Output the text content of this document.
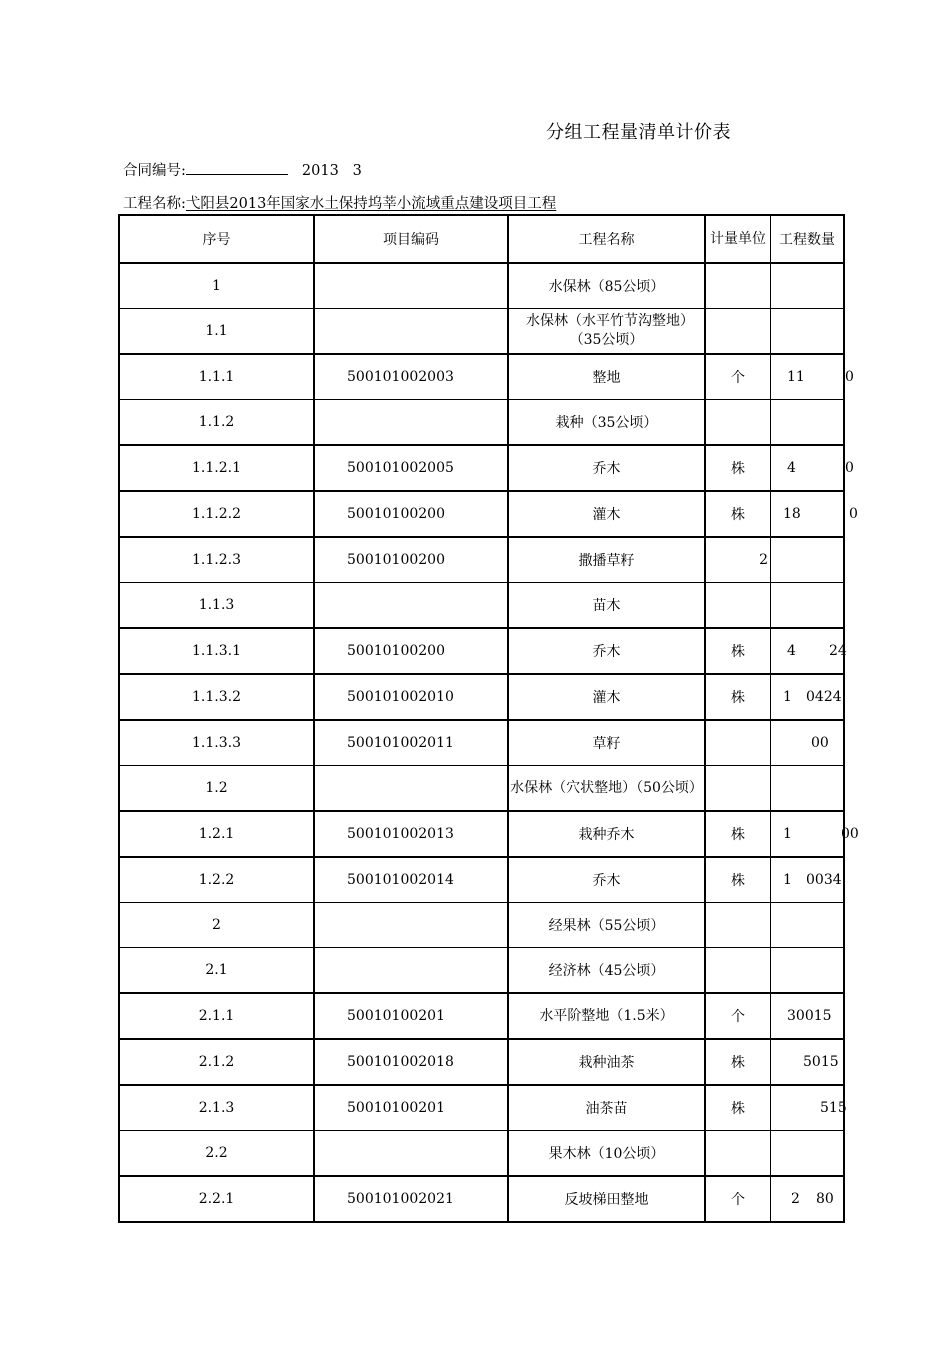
分组工程量清单计价表
合同编号:	2013 3
工程名称:弋阳县2013年国家水土保持坞莘小流域重点建设项目工程
序号	项目编码	工程名称	计量单位	工程数量
1		水保林（85公顷）		
1.1		水保林（水平竹节沟整地）　（35公顷）		
1.1.1	500101002003	整地	个	11 0

1.1.2		栽种（35公顷）		
1.1.2.1	500101002005	乔木	株	4 0

1.1.2.2	50010100200	灌木	株	18 0

1.1.2.3	50010100200	撒播草籽	2	
1.1.3		苗木		
1.1.3.1	50010100200	乔木	株	4 24

1.1.3.2	500101002010	灌木	株	1 0424

1.1.3.3	500101002011	草籽		00

1.2		水保林（穴状整地）（50公顷）		
1.2.1	500101002013	栽种乔木	株	1 00

1.2.2	500101002014	乔木	株	1 0034

2		经果林（55公顷）		
2.1		经济林（45公顷）		
2.1.1	50010100201	水平阶整地（1.5米）	个	30015

2.1.2	500101002018	栽种油茶	株	5015

2.1.3	50010100201	油茶苗	株	515

2.2		果木林（10公顷）		
2.2.1	500101002021	反坡梯田整地	个	2 80
